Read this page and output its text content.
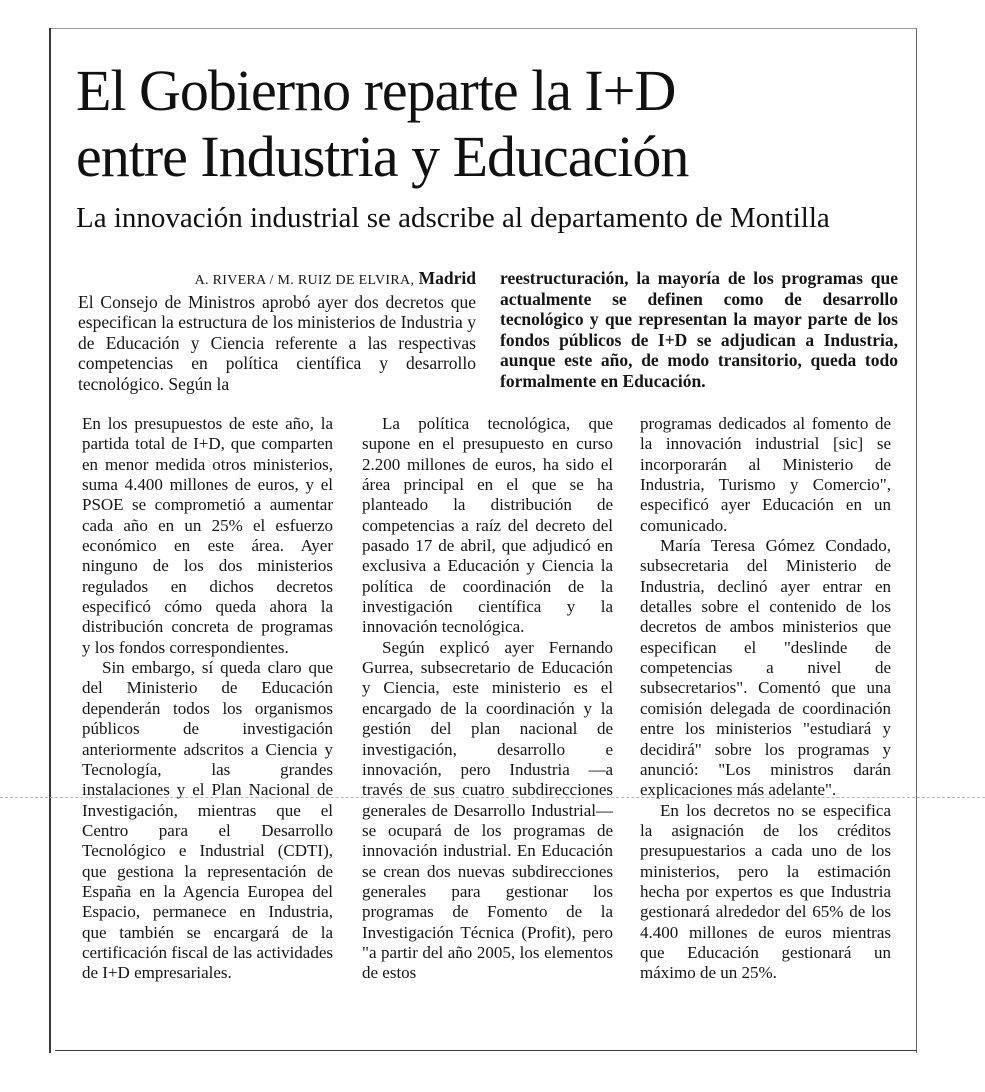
El Gobierno reparte la I+D
entre Industria y Educación
La innovación industrial se adscribe al departamento de Montilla

A. RIVERA / M. RUIZ DE ELVIRA, Madrid
El Consejo de Ministros aprobó ayer dos decretos que especifican la estructura de los ministerios de Industria y de Educación y Ciencia referente a las respectivas competencias en política científica y desarrollo tecnológico. Según la

reestructuración, la mayoría de los programas que actualmente se definen como de desarrollo tecnológico y que representan la mayor parte de los fondos públicos de I+D se adjudican a Industria, aunque este año, de modo transitorio, queda todo formalmente en Educación.

En los presupuestos de este año, la partida total de I+D, que comparten en menor medida otros ministerios, suma 4.400 millones de euros, y el PSOE se comprometió a aumentar cada año en un 25% el esfuerzo económico en este área. Ayer ninguno de los dos ministerios regulados en dichos decretos especificó cómo queda ahora la distribución concreta de programas y los fondos correspondientes.

Sin embargo, sí queda claro que del Ministerio de Educación dependerán todos los organismos públicos de investigación anteriormente adscritos a Ciencia y Tecnología, las grandes instalaciones y el Plan Nacional de Investigación, mientras que el Centro para el Desarrollo Tecnológico e Industrial (CDTI), que gestiona la representación de España en la Agencia Europea del Espacio, permanece en Industria, que también se encargará de la certificación fiscal de las actividades de I+D empresariales.

La política tecnológica, que supone en el presupuesto en curso 2.200 millones de euros, ha sido el área principal en el que se ha planteado la distribución de competencias a raíz del decreto del pasado 17 de abril, que adjudicó en exclusiva a Educación y Ciencia la política de coordinación de la investigación científica y la innovación tecnológica.

Según explicó ayer Fernando Gurrea, subsecretario de Educación y Ciencia, este ministerio es el encargado de la coordinación y la gestión del plan nacional de investigación, desarrollo e innovación, pero Industria —a través de sus cuatro subdirecciones generales de Desarrollo Industrial— se ocupará de los programas de innovación industrial. En Educación se crean dos nuevas subdirecciones generales para gestionar los programas de Fomento de la Investigación Técnica (Profit), pero "a partir del año 2005, los elementos de estos

programas dedicados al fomento de la innovación industrial [sic] se incorporarán al Ministerio de Industria, Turismo y Comercio", especificó ayer Educación en un comunicado.

María Teresa Gómez Condado, subsecretaria del Ministerio de Industria, declinó ayer entrar en detalles sobre el contenido de los decretos de ambos ministerios que especifican el "deslinde de competencias a nivel de subsecretarios". Comentó que una comisión delegada de coordinación entre los ministerios "estudiará y decidirá" sobre los programas y anunció: "Los ministros darán explicaciones más adelante".

En los decretos no se especifica la asignación de los créditos presupuestarios a cada uno de los ministerios, pero la estimación hecha por expertos es que Industria gestionará alrededor del 65% de los 4.400 millones de euros mientras que Educación gestionará un máximo de un 25%.
